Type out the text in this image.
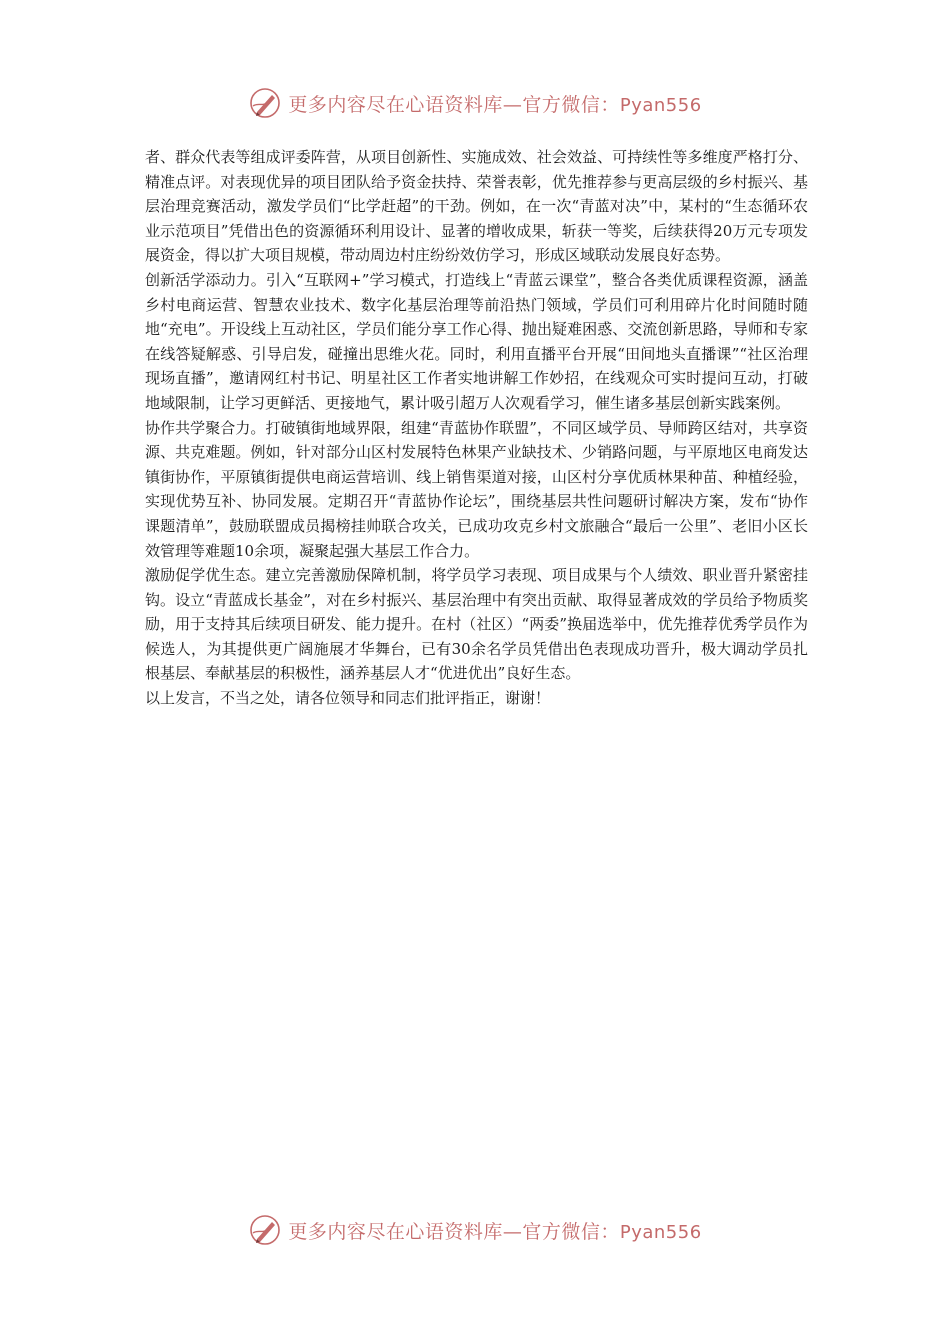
更多内容尽在心语资料库—官方微信：Pyan556

者、群众代表等组成评委阵营，从项目创新性、实施成效、社会效益、可持续性等多维度严格打分、精准点评。对表现优异的项目团队给予资金扶持、荣誉表彰，优先推荐参与更高层级的乡村振兴、基层治理竞赛活动，激发学员们“比学赶超”的干劲。例如，在一次“青蓝对决”中，某村的“生态循环农业示范项目”凭借出色的资源循环利用设计、显著的增收成果，斩获一等奖，后续获得20万元专项发展资金，得以扩大项目规模，带动周边村庄纷纷效仿学习，形成区域联动发展良好态势。

创新活学添动力。引入“互联网+”学习模式，打造线上“青蓝云课堂”，整合各类优质课程资源，涵盖乡村电商运营、智慧农业技术、数字化基层治理等前沿热门领域，学员们可利用碎片化时间随时随地“充电”。开设线上互动社区，学员们能分享工作心得、抛出疑难困惑、交流创新思路，导师和专家在线答疑解惑、引导启发，碰撞出思维火花。同时，利用直播平台开展“田间地头直播课”“社区治理现场直播”，邀请网红村书记、明星社区工作者实地讲解工作妙招，在线观众可实时提问互动，打破地域限制，让学习更鲜活、更接地气，累计吸引超万人次观看学习，催生诸多基层创新实践案例。

协作共学聚合力。打破镇街地域界限，组建“青蓝协作联盟”，不同区域学员、导师跨区结对，共享资源、共克难题。例如，针对部分山区村发展特色林果产业缺技术、少销路问题，与平原地区电商发达镇街协作，平原镇街提供电商运营培训、线上销售渠道对接，山区村分享优质林果种苗、种植经验，实现优势互补、协同发展。定期召开“青蓝协作论坛”，围绕基层共性问题研讨解决方案，发布“协作课题清单”，鼓励联盟成员揭榜挂帅联合攻关，已成功攻克乡村文旅融合“最后一公里”、老旧小区长效管理等难题10余项，凝聚起强大基层工作合力。

激励促学优生态。建立完善激励保障机制，将学员学习表现、项目成果与个人绩效、职业晋升紧密挂钩。设立“青蓝成长基金”，对在乡村振兴、基层治理中有突出贡献、取得显著成效的学员给予物质奖励，用于支持其后续项目研发、能力提升。在村（社区）“两委”换届选举中，优先推荐优秀学员作为候选人，为其提供更广阔施展才华舞台，已有30余名学员凭借出色表现成功晋升，极大调动学员扎根基层、奉献基层的积极性，涵养基层人才“优进优出”良好生态。

以上发言，不当之处，请各位领导和同志们批评指正，谢谢！

更多内容尽在心语资料库—官方微信：Pyan556
